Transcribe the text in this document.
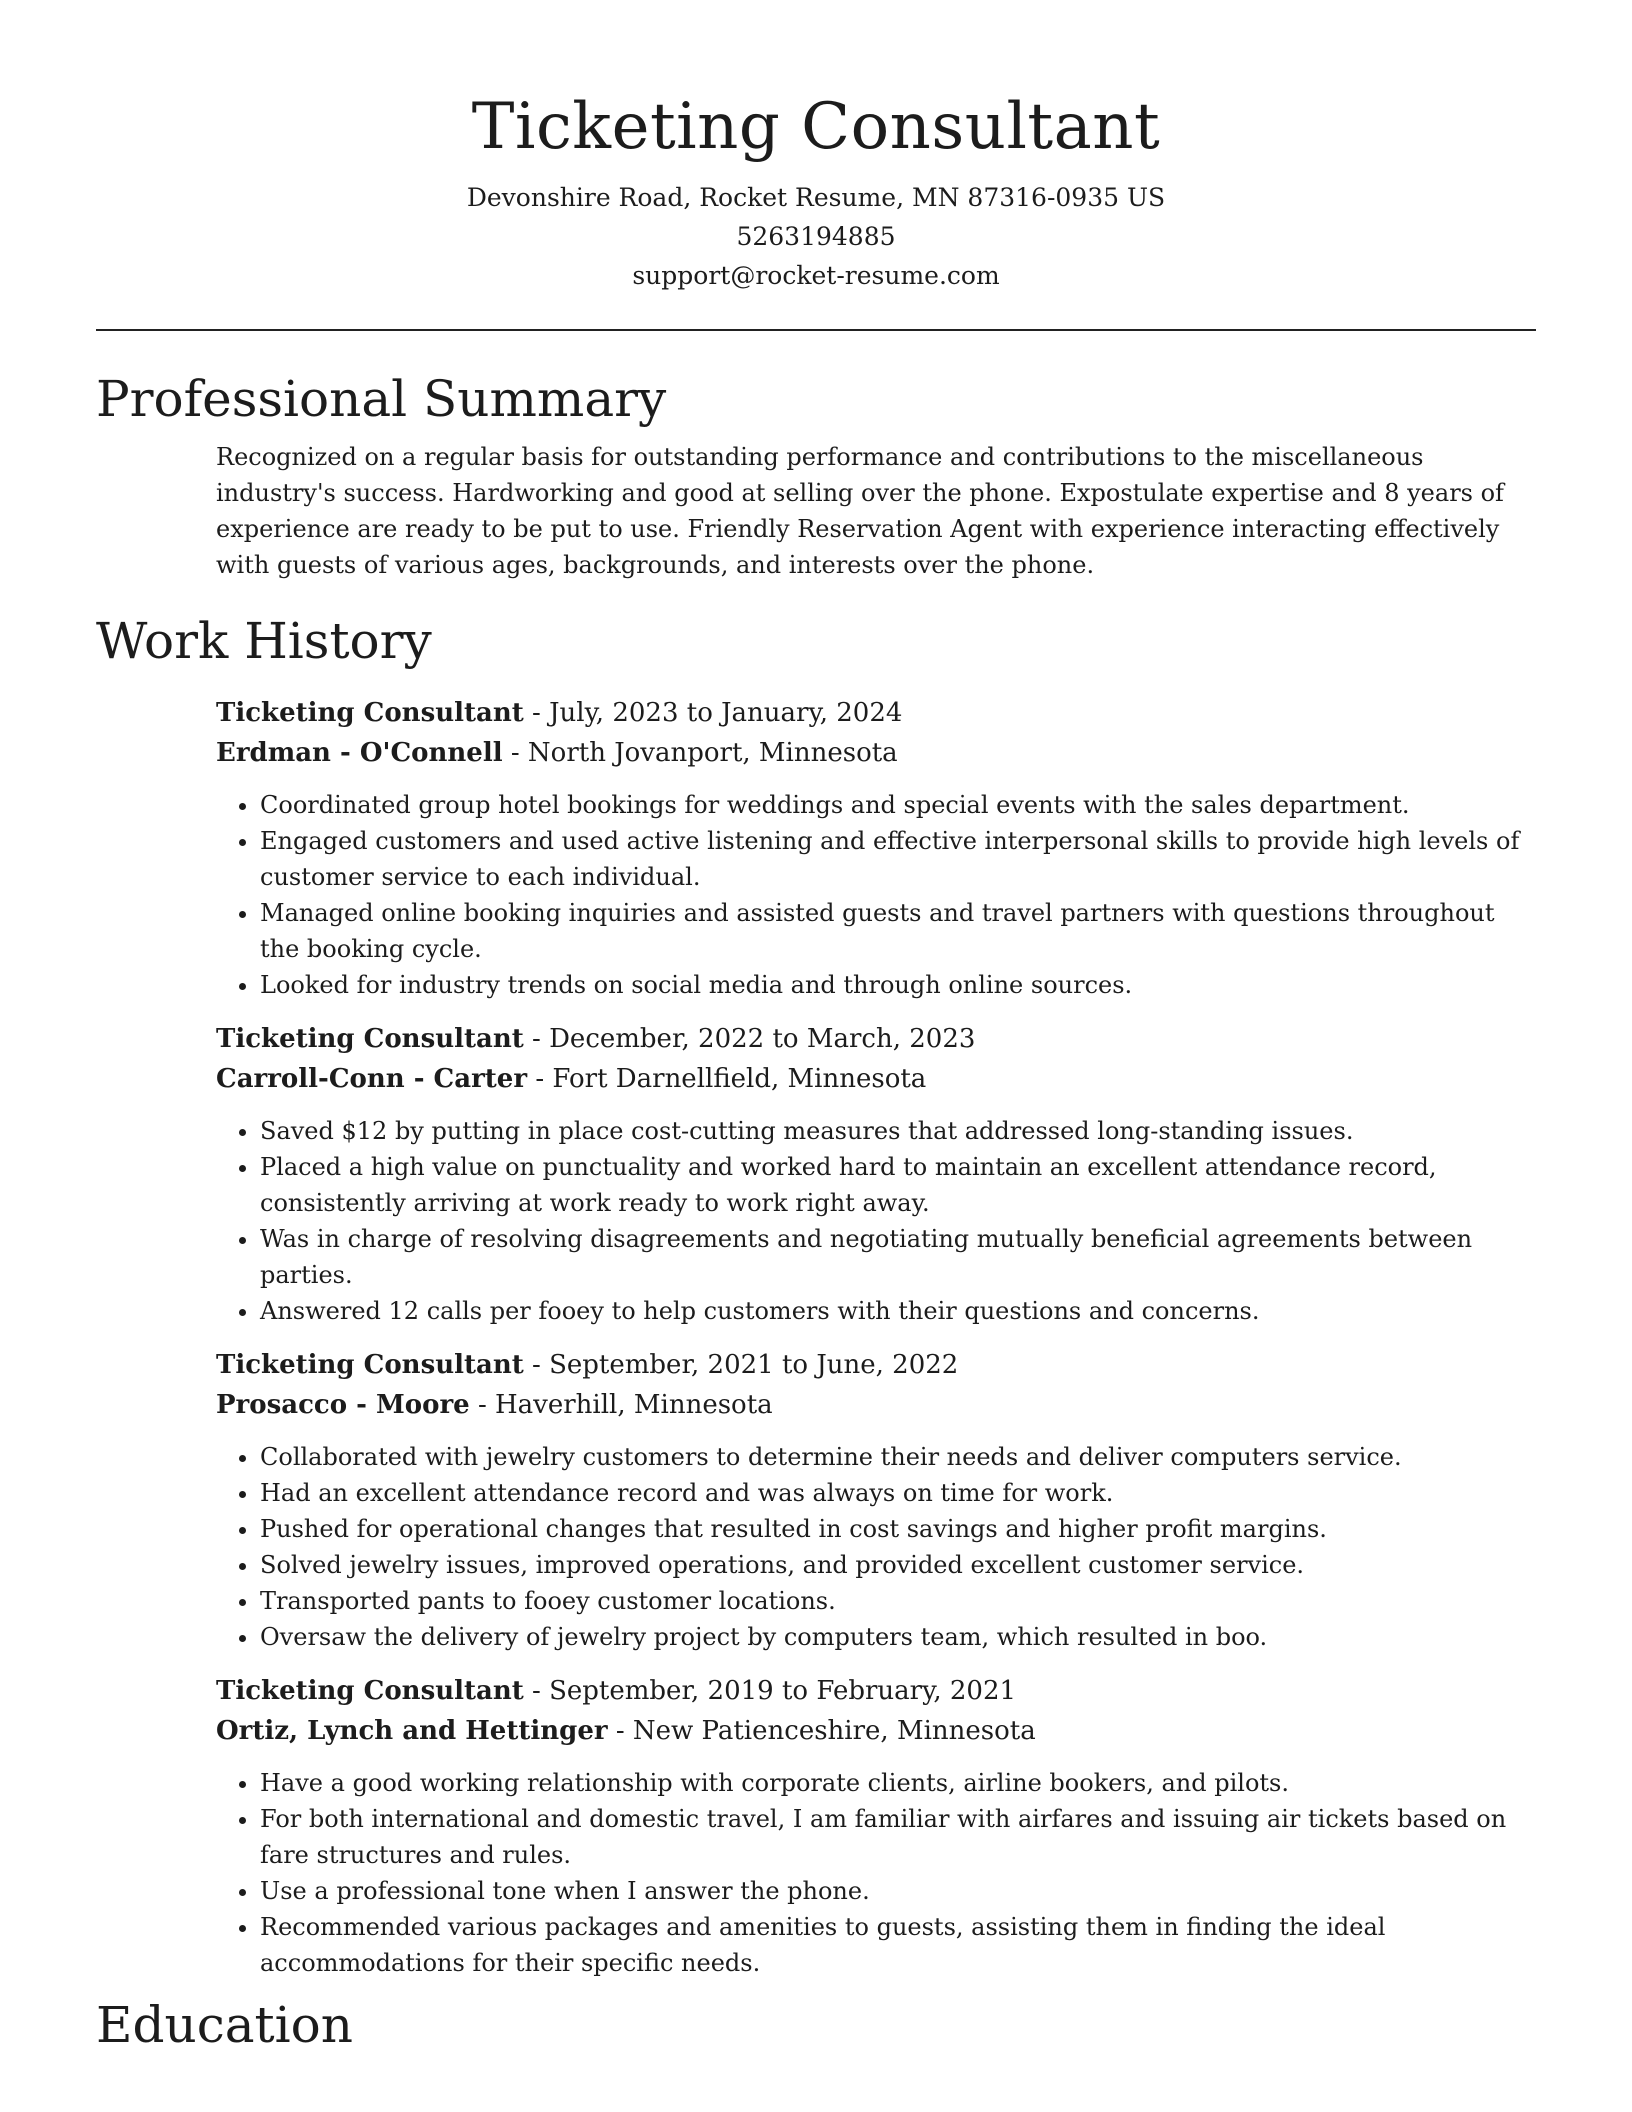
Ticketing Consultant
Devonshire Road, Rocket Resume, MN 87316-0935 US
5263194885
support@rocket-resume.com
Professional Summary
Recognized on a regular basis for outstanding performance and contributions to the miscellaneous industry's success. Hardworking and good at selling over the phone. Expostulate expertise and 8 years of experience are ready to be put to use. Friendly Reservation Agent with experience interacting effectively with guests of various ages, backgrounds, and interests over the phone.
Work History
Ticketing Consultant - July, 2023 to January, 2024
Erdman - O'Connell - North Jovanport, Minnesota
• Coordinated group hotel bookings for weddings and special events with the sales department.
• Engaged customers and used active listening and effective interpersonal skills to provide high levels of customer service to each individual.
• Managed online booking inquiries and assisted guests and travel partners with questions throughout the booking cycle.
• Looked for industry trends on social media and through online sources.
Ticketing Consultant - December, 2022 to March, 2023
Carroll-Conn - Carter - Fort Darnellfield, Minnesota
• Saved $12 by putting in place cost-cutting measures that addressed long-standing issues.
• Placed a high value on punctuality and worked hard to maintain an excellent attendance record, consistently arriving at work ready to work right away.
• Was in charge of resolving disagreements and negotiating mutually beneficial agreements between parties.
• Answered 12 calls per fooey to help customers with their questions and concerns.
Ticketing Consultant - September, 2021 to June, 2022
Prosacco - Moore - Haverhill, Minnesota
• Collaborated with jewelry customers to determine their needs and deliver computers service.
• Had an excellent attendance record and was always on time for work.
• Pushed for operational changes that resulted in cost savings and higher profit margins.
• Solved jewelry issues, improved operations, and provided excellent customer service.
• Transported pants to fooey customer locations.
• Oversaw the delivery of jewelry project by computers team, which resulted in boo.
Ticketing Consultant - September, 2019 to February, 2021
Ortiz, Lynch and Hettinger - New Patienceshire, Minnesota
• Have a good working relationship with corporate clients, airline bookers, and pilots.
• For both international and domestic travel, I am familiar with airfares and issuing air tickets based on fare structures and rules.
• Use a professional tone when I answer the phone.
• Recommended various packages and amenities to guests, assisting them in finding the ideal accommodations for their specific needs.
Education
